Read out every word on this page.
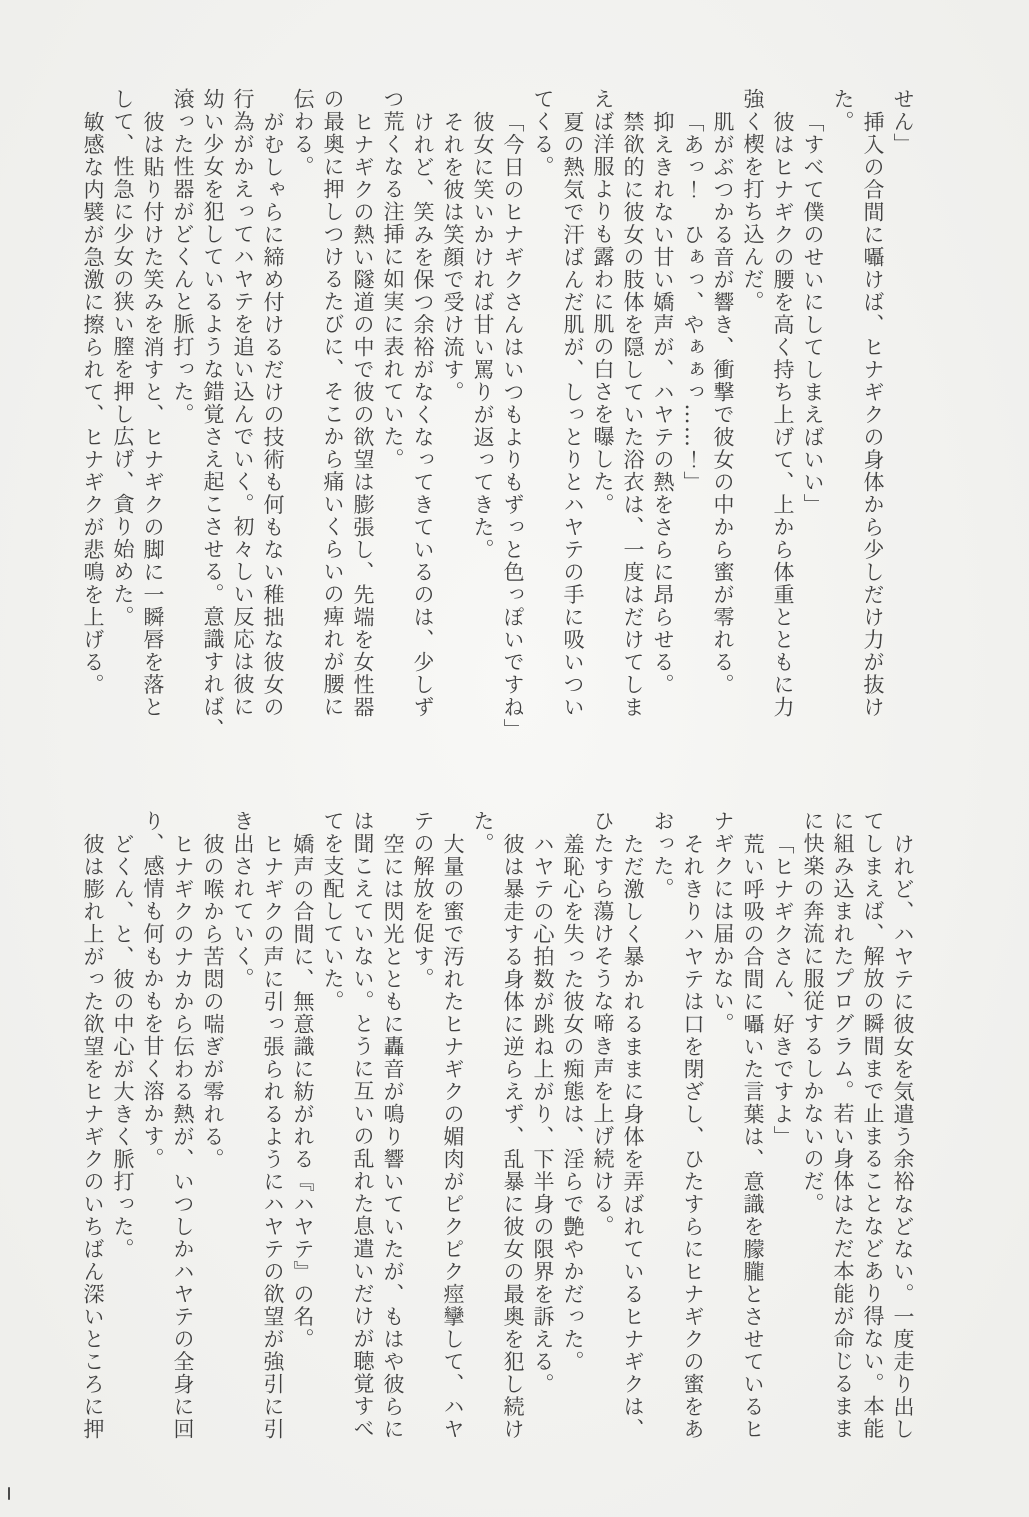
せん」
挿入の合間に囁けば、ヒナギクの身体から少しだけ力が抜け
た。
「すべて僕のせいにしてしまえばいい」
彼はヒナギクの腰を高く持ち上げて、上から体重とともに力
強く楔を打ち込んだ。
肌がぶつかる音が響き、衝撃で彼女の中から蜜が零れる。
「あっ！　ひぁっ、やぁぁっ……！」
抑えきれない甘い嬌声が、ハヤテの熱をさらに昂らせる。
禁欲的に彼女の肢体を隠していた浴衣は、一度はだけてしま
えば洋服よりも露わに肌の白さを曝した。
夏の熱気で汗ばんだ肌が、しっとりとハヤテの手に吸いつい
てくる。
「今日のヒナギクさんはいつもよりもずっと色っぽいですね」
彼女に笑いかければ甘い罵りが返ってきた。
それを彼は笑顔で受け流す。
けれど、笑みを保つ余裕がなくなってきているのは、少しず
つ荒くなる注挿に如実に表れていた。
ヒナギクの熱い隧道の中で彼の欲望は膨張し、先端を女性器
の最奥に押しつけるたびに、そこから痛いくらいの痺れが腰に
伝わる。
がむしゃらに締め付けるだけの技術も何もない稚拙な彼女の
行為がかえってハヤテを追い込んでいく。初々しい反応は彼に
幼い少女を犯しているような錯覚さえ起こさせる。意識すれば、
滾った性器がどくんと脈打った。
彼は貼り付けた笑みを消すと、ヒナギクの脚に一瞬唇を落と
して、性急に少女の狭い膣を押し広げ、貪り始めた。
敏感な内襞が急激に擦られて、ヒナギクが悲鳴を上げる。
けれど、ハヤテに彼女を気遣う余裕などない。一度走り出し
てしまえば、解放の瞬間まで止まることなどあり得ない。本能
に組み込まれたプログラム。若い身体はただ本能が命じるまま
に快楽の奔流に服従するしかないのだ。
「ヒナギクさん、好きですよ」
荒い呼吸の合間に囁いた言葉は、意識を朦朧とさせているヒ
ナギクには届かない。
それきりハヤテは口を閉ざし、ひたすらにヒナギクの蜜をあ
おった。
ただ激しく暴かれるままに身体を弄ばれているヒナギクは、
ひたすら蕩けそうな啼き声を上げ続ける。
羞恥心を失った彼女の痴態は、淫らで艶やかだった。
ハヤテの心拍数が跳ね上がり、下半身の限界を訴える。
彼は暴走する身体に逆らえず、乱暴に彼女の最奥を犯し続け
た。
大量の蜜で汚れたヒナギクの媚肉がピクピク痙攣して、ハヤ
テの解放を促す。
空には閃光とともに轟音が鳴り響いていたが、もはや彼らに
は聞こえていない。とうに互いの乱れた息遣いだけが聴覚すべ
てを支配していた。
嬌声の合間に、無意識に紡がれる『ハヤテ』の名。
ヒナギクの声に引っ張られるようにハヤテの欲望が強引に引
き出されていく。
彼の喉から苦悶の喘ぎが零れる。
ヒナギクのナカから伝わる熱が、いつしかハヤテの全身に回
り、感情も何もかもを甘く溶かす。
どくん、と、彼の中心が大きく脈打った。
彼は膨れ上がった欲望をヒナギクのいちばん深いところに押
